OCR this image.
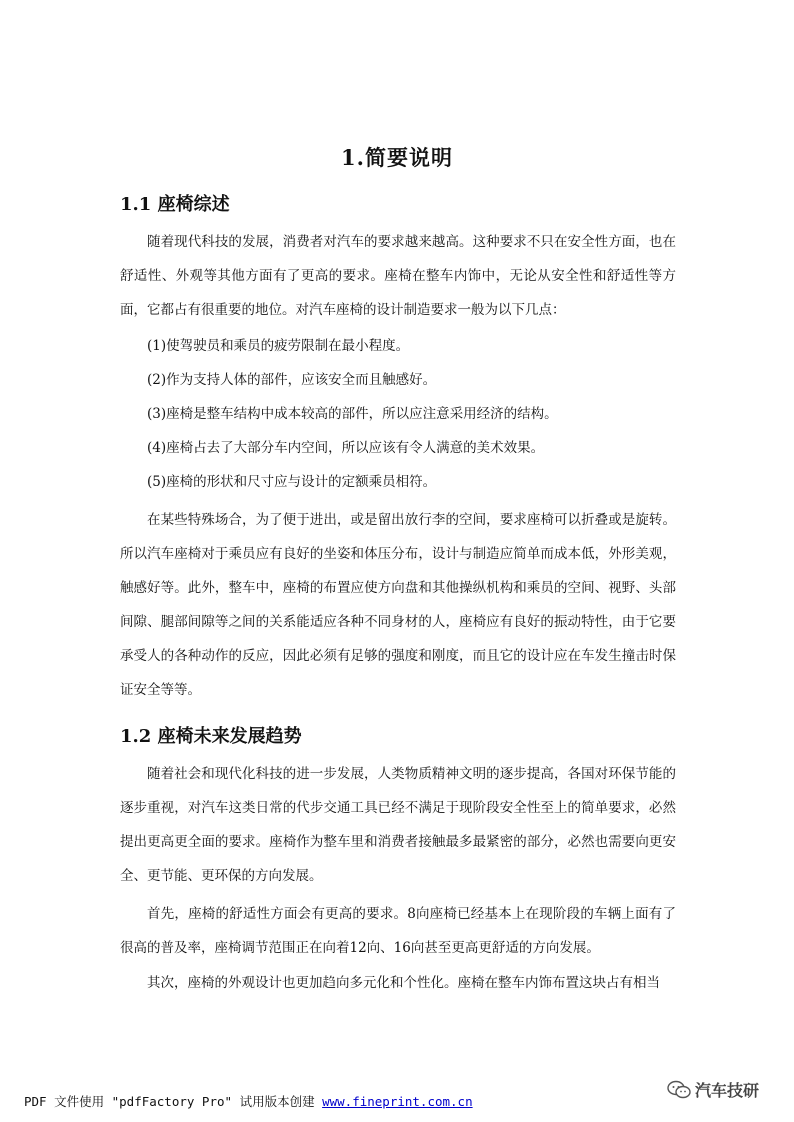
1.简要说明
1.1 座椅综述

随着现代科技的发展，消费者对汽车的要求越来越高。这种要求不只在安全性方面，也在舒适性、外观等其他方面有了更高的要求。座椅在整车内饰中，无论从安全性和舒适性等方面，它都占有很重要的地位。对汽车座椅的设计制造要求一般为以下几点：

(1)使驾驶员和乘员的疲劳限制在最小程度。
(2)作为支持人体的部件，应该安全而且触感好。
(3)座椅是整车结构中成本较高的部件，所以应注意采用经济的结构。
(4)座椅占去了大部分车内空间，所以应该有令人满意的美术效果。
(5)座椅的形状和尺寸应与设计的定额乘员相符。

在某些特殊场合，为了便于进出，或是留出放行李的空间，要求座椅可以折叠或是旋转。所以汽车座椅对于乘员应有良好的坐姿和体压分布，设计与制造应简单而成本低，外形美观，触感好等。此外，整车中，座椅的布置应使方向盘和其他操纵机构和乘员的空间、视野、头部间隙、腿部间隙等之间的关系能适应各种不同身材的人，座椅应有良好的振动特性，由于它要承受人的各种动作的反应，因此必须有足够的强度和刚度，而且它的设计应在车发生撞击时保证安全等等。

1.2 座椅未来发展趋势

随着社会和现代化科技的进一步发展，人类物质精神文明的逐步提高，各国对环保节能的逐步重视，对汽车这类日常的代步交通工具已经不满足于现阶段安全性至上的简单要求，必然提出更高更全面的要求。座椅作为整车里和消费者接触最多最紧密的部分，必然也需要向更安全、更节能、更环保的方向发展。

首先，座椅的舒适性方面会有更高的要求。8向座椅已经基本上在现阶段的车辆上面有了很高的普及率，座椅调节范围正在向着12向、16向甚至更高更舒适的方向发展。

其次，座椅的外观设计也更加趋向多元化和个性化。座椅在整车内饰布置这块占有相当

PDF 文件使用 "pdfFactory Pro" 试用版本创建 www.fineprint.com.cn
汽车技研
